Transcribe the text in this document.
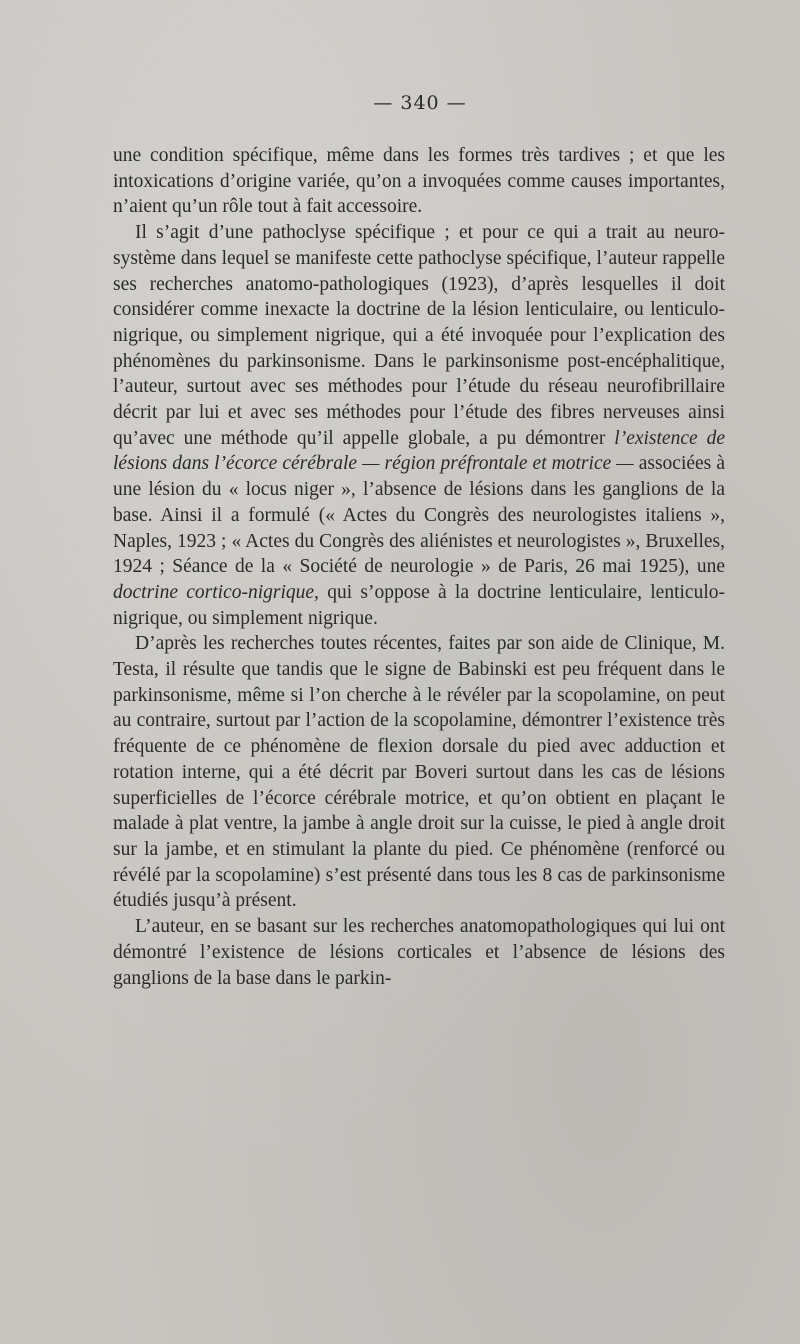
— 340 —

une condition spécifique, même dans les formes très tardives ; et que les intoxications d’origine variée, qu’on a invoquées comme causes importantes, n’aient qu’un rôle tout à fait accessoire.

Il s’agit d’une pathoclyse spécifique ; et pour ce qui a trait au neuro-système dans lequel se manifeste cette pathoclyse spécifique, l’auteur rappelle ses recherches anatomo-pathologiques (1923), d’après lesquelles il doit considérer comme inexacte la doctrine de la lésion lenticulaire, ou lenticulo-nigrique, ou simplement nigrique, qui a été invoquée pour l’explication des phénomènes du parkinsonisme. Dans le parkinsonisme post-encéphalitique, l’auteur, surtout avec ses méthodes pour l’étude du réseau neurofibrillaire décrit par lui et avec ses méthodes pour l’étude des fibres nerveuses ainsi qu’avec une méthode qu’il appelle globale, a pu démontrer l’existence de lésions dans l’écorce cérébrale — région préfrontale et motrice — associées à une lésion du « locus niger », l’absence de lésions dans les ganglions de la base. Ainsi il a formulé (« Actes du Congrès des neurologistes italiens », Naples, 1923 ; « Actes du Congrès des aliénistes et neurologistes », Bruxelles, 1924 ; Séance de la « Société de neurologie » de Paris, 26 mai 1925), une doctrine cortico-nigrique, qui s’oppose à la doctrine lenticulaire, lenticulo-nigrique, ou simplement nigrique.

D’après les recherches toutes récentes, faites par son aide de Clinique, M. Testa, il résulte que tandis que le signe de Babinski est peu fréquent dans le parkinsonisme, même si l’on cherche à le révéler par la scopolamine, on peut au contraire, surtout par l’action de la scopolamine, démontrer l’existence très fréquente de ce phénomène de flexion dorsale du pied avec adduction et rotation interne, qui a été décrit par Boveri surtout dans les cas de lésions superficielles de l’écorce cérébrale motrice, et qu’on obtient en plaçant le malade à plat ventre, la jambe à angle droit sur la cuisse, le pied à angle droit sur la jambe, et en stimulant la plante du pied. Ce phénomène (renforcé ou révélé par la scopolamine) s’est présenté dans tous les 8 cas de parkinsonisme étudiés jusqu’à présent.

L’auteur, en se basant sur les recherches anatomopathologiques qui lui ont démontré l’existence de lésions corticales et l’absence de lésions des ganglions de la base dans le parkin-
